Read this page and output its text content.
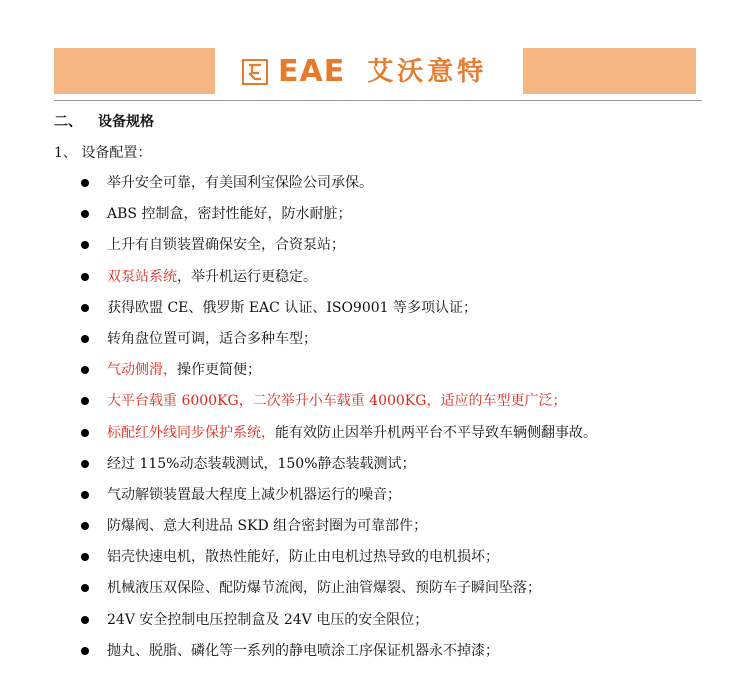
EAE 艾沃意特
二、 设备规格
1、 设备配置：
举升安全可靠，有美国利宝保险公司承保。
ABS 控制盒，密封性能好，防水耐脏；
上升有自锁装置确保安全，合资泵站；
双泵站系统，举升机运行更稳定。
获得欧盟 CE、俄罗斯 EAC 认证、ISO9001 等多项认证；
转角盘位置可调，适合多种车型；
气动侧滑，操作更简便；
大平台载重 6000KG，二次举升小车载重 4000KG，适应的车型更广泛；
标配红外线同步保护系统，能有效防止因举升机两平台不平导致车辆侧翻事故。
经过 115%动态装载测试，150%静态装载测试；
气动解锁装置最大程度上减少机器运行的噪音；
防爆阀、意大利进品 SKD 组合密封圈为可靠部件；
铝壳快速电机，散热性能好，防止由电机过热导致的电机损坏；
机械液压双保险、配防爆节流阀，防止油管爆裂、预防车子瞬间坠落；
24V 安全控制电压控制盒及 24V 电压的安全限位；
抛丸、脱脂、磷化等一系列的静电喷涂工序保证机器永不掉漆；
